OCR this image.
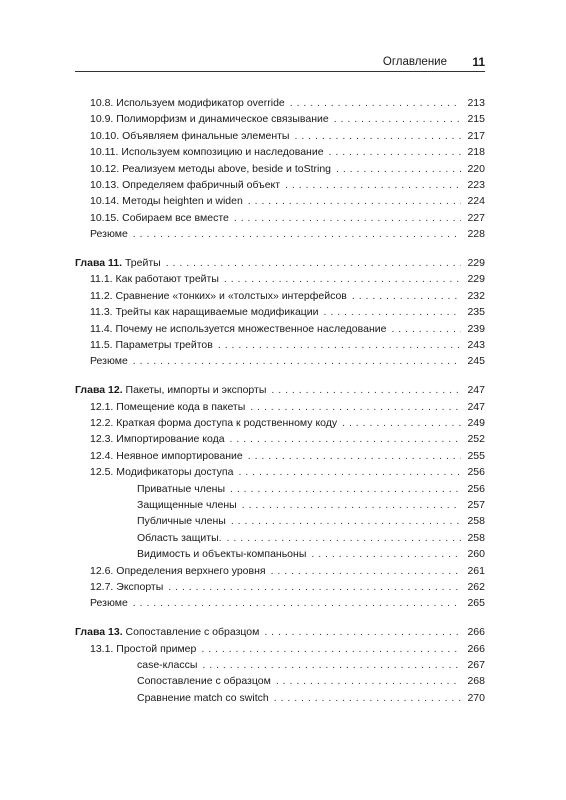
Оглавление 11
10.8. Используем модификатор override . . .	213
10.9. Полиморфизм и динамическое связывание . . .	215
10.10. Объявляем финальные элементы . . .	217
10.11. Используем композицию и наследование . . .	218
10.12. Реализуем методы above, beside и toString . . .	220
10.13. Определяем фабричный объект . . .	223
10.14. Методы heighten и widen . . .	224
10.15. Собираем все вместе . . .	227
Резюме . . .	228
Глава 11. Трейты . . .	229
11.1. Как работают трейты . . .	229
11.2. Сравнение «тонких» и «толстых» интерфейсов . . .	232
11.3. Трейты как наращиваемые модификации . . .	235
11.4. Почему не используется множественное наследование . . .	239
11.5. Параметры трейтов . . .	243
Резюме . . .	245
Глава 12. Пакеты, импорты и экспорты . . .	247
12.1. Помещение кода в пакеты . . .	247
12.2. Краткая форма доступа к родственному коду . . .	249
12.3. Импортирование кода . . .	252
12.4. Неявное импортирование . . .	255
12.5. Модификаторы доступа . . .	256
Приватные члены . . .	256
Защищенные члены . . .	257
Публичные члены . . .	258
Область защиты. . . .	258
Видимость и объекты-компаньоны . . .	260
12.6. Определения верхнего уровня . . .	261
12.7. Экспорты . . .	262
Резюме . . .	265
Глава 13. Сопоставление с образцом . . .	266
13.1. Простой пример . . .	266
case-классы . . .	267
Сопоставление с образцом . . .	268
Сравнение match со switch . . .	270
